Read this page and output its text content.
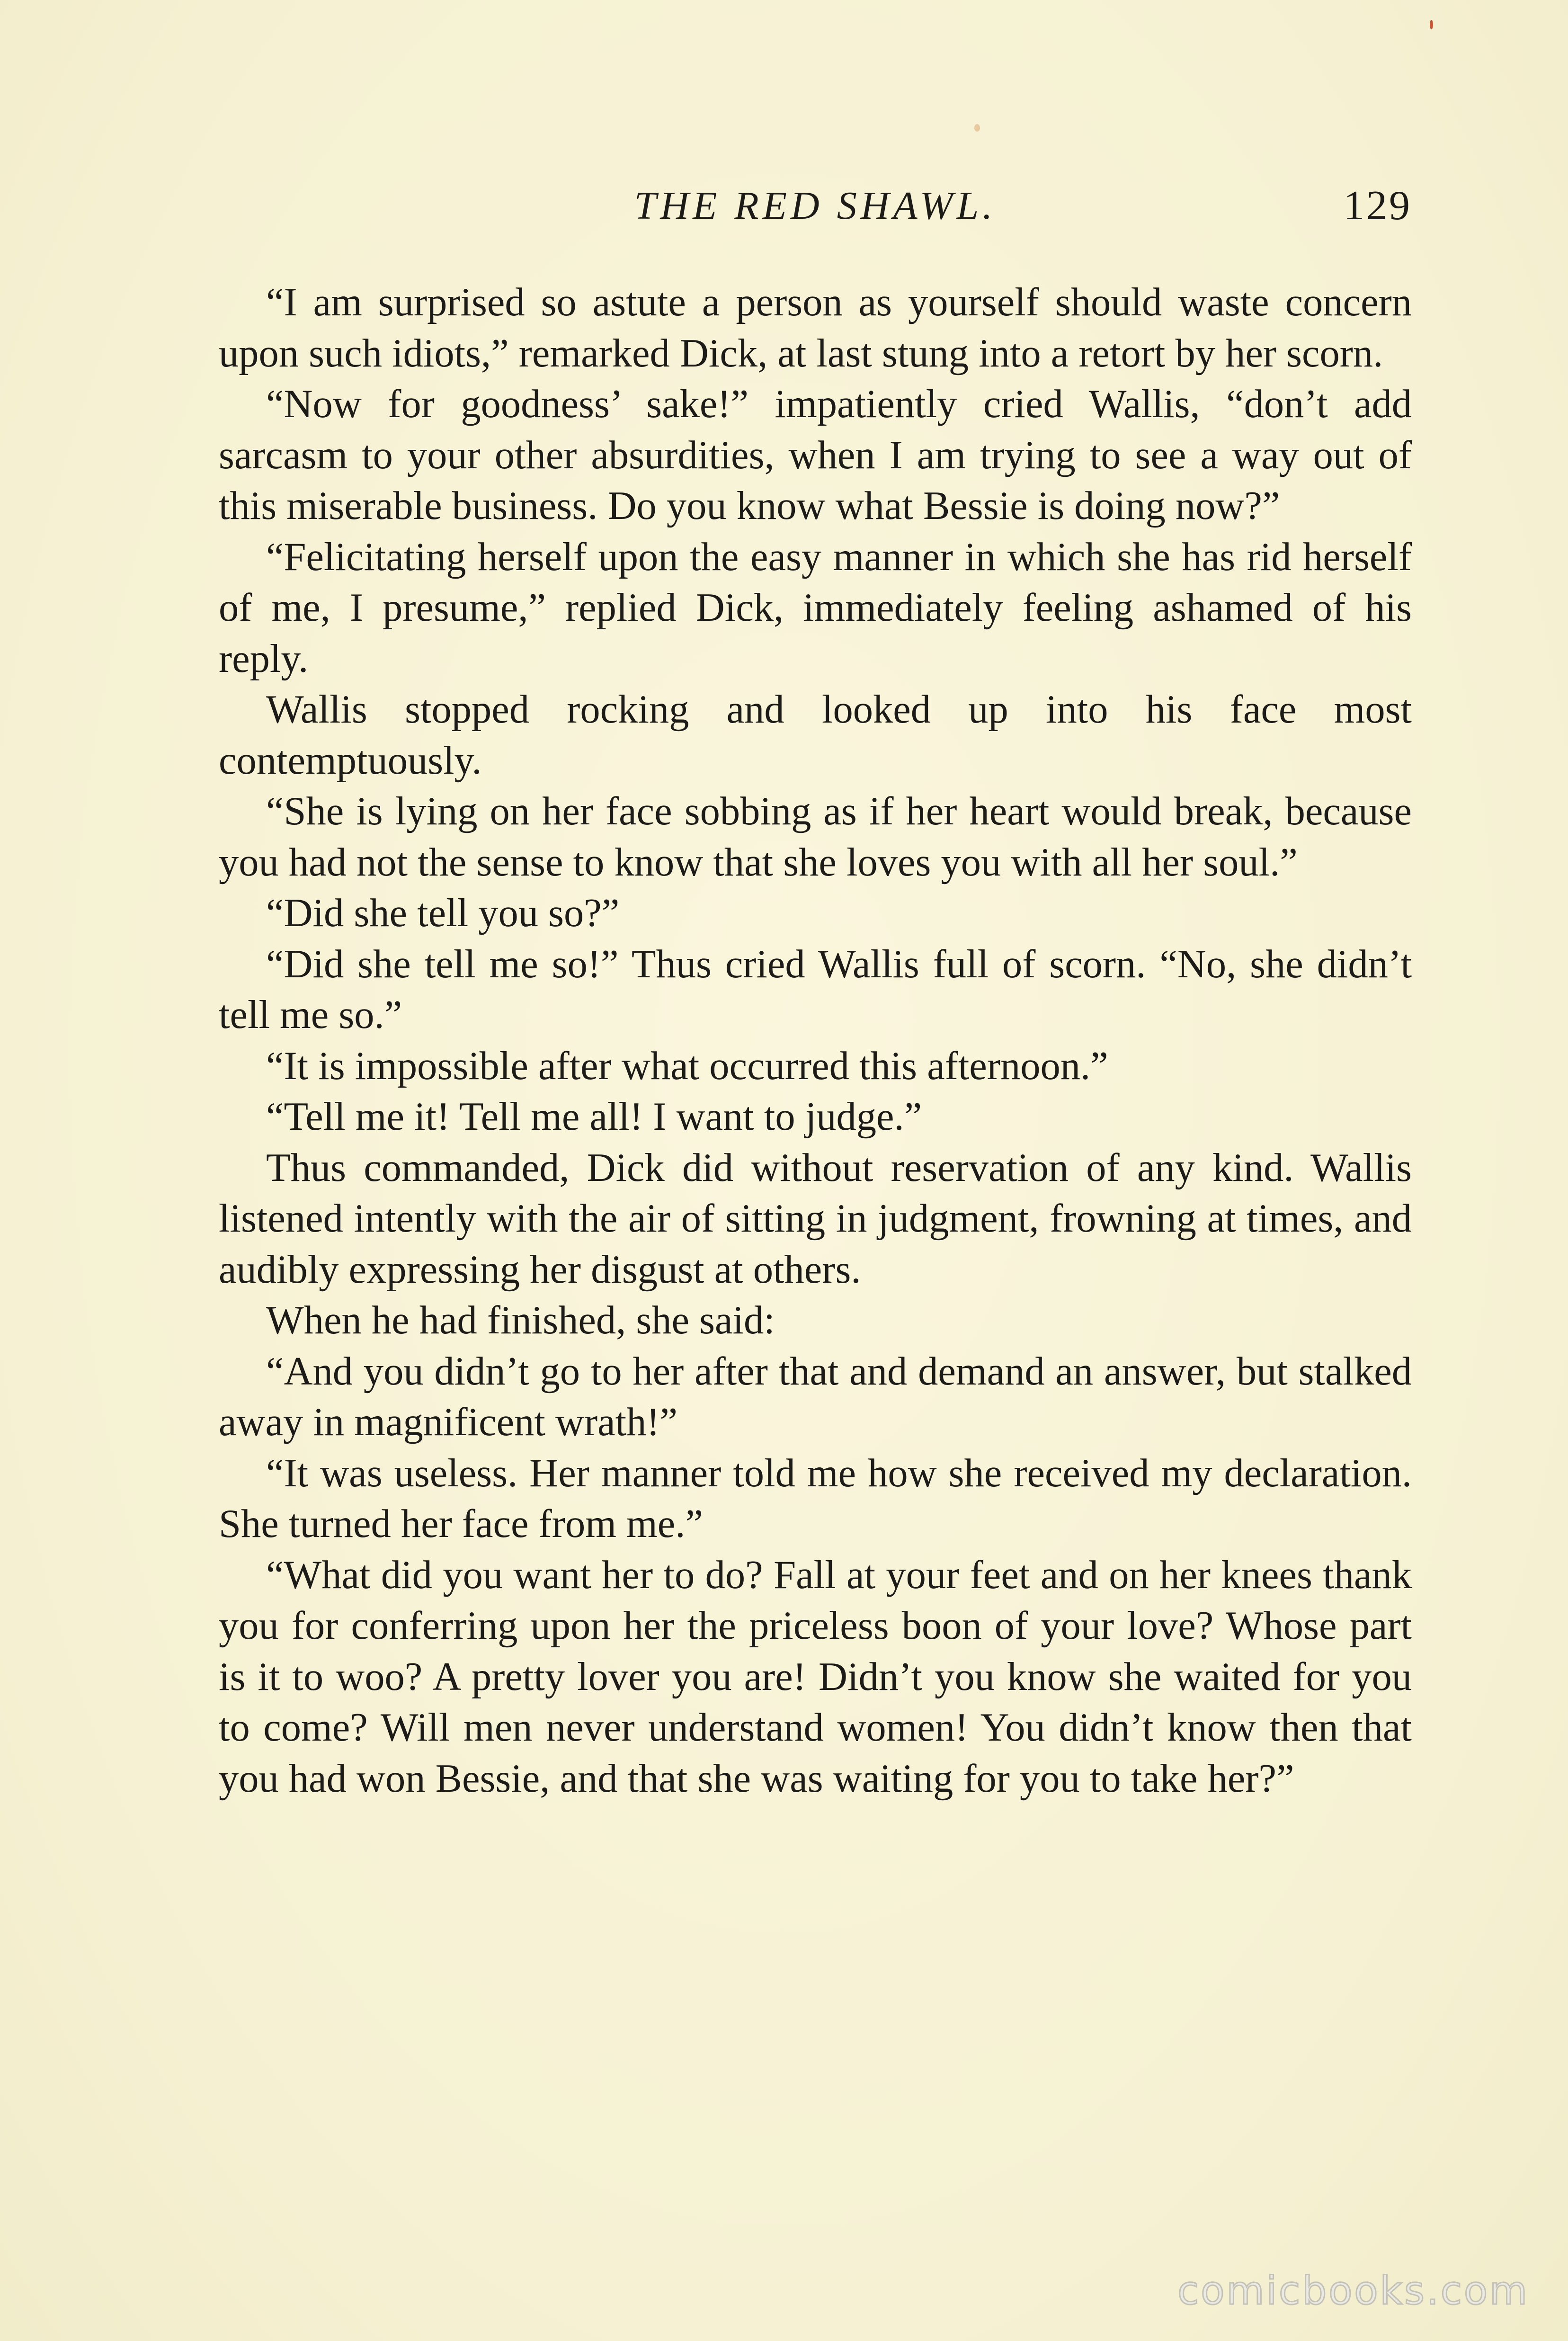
THE RED SHAWL.	129

“I am surprised so astute a person as yourself should waste concern upon such idiots,” remarked Dick, at last stung into a retort by her scorn.

“Now for goodness’ sake!” impatiently cried Wallis, “don’t add sarcasm to your other absurdities, when I am trying to see a way out of this miserable business. Do you know what Bessie is doing now?”

“Felicitating herself upon the easy manner in which she has rid herself of me, I presume,” replied Dick, immediately feeling ashamed of his reply.

Wallis stopped rocking and looked up into his face most contemptuously.

“She is lying on her face sobbing as if her heart would break, because you had not the sense to know that she loves you with all her soul.”

“Did she tell you so?”

“Did she tell me so!” Thus cried Wallis full of scorn. “No, she didn’t tell me so.”

“It is impossible after what occurred this afternoon.”

“Tell me it! Tell me all! I want to judge.”

Thus commanded, Dick did without reservation of any kind. Wallis listened intently with the air of sitting in judgment, frowning at times, and audibly expressing her disgust at others.

When he had finished, she said:

“And you didn’t go to her after that and demand an answer, but stalked away in magnificent wrath!”

“It was useless. Her manner told me how she received my declaration. She turned her face from me.”

“What did you want her to do? Fall at your feet and on her knees thank you for conferring upon her the priceless boon of your love? Whose part is it to woo? A pretty lover you are! Didn’t you know she waited for you to come? Will men never understand women! You didn’t know then that you had won Bessie, and that she was waiting for you to take her?”

comicbooks.com
